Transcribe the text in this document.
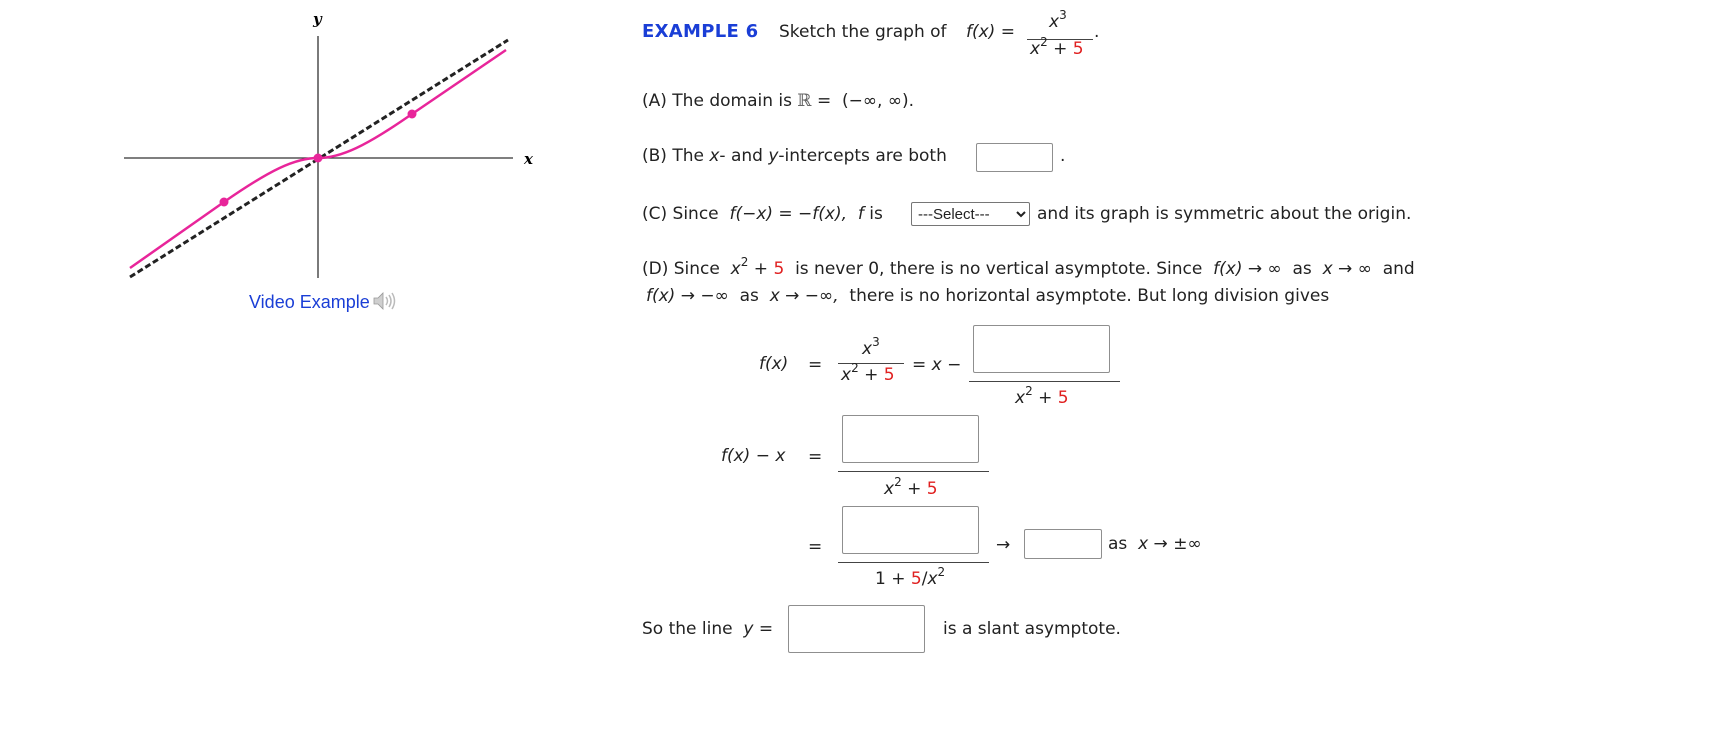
y
x
Video Example
EXAMPLE 6 Sketch the graph of $f(x) = x^3$
$x^2 + 5$
.
(A) The domain is ℝ = (−∞, ∞).
(B) The x- and y-intercepts are both	.
(C) Since f(−x) = −f(x), f is
---Select---	and its graph is symmetric about the origin.
(D) Since $x^2 + 5$ is never 0, there is no vertical asymptote. Since f(x) → ∞ as x → ∞ and
f(x) → −∞ as x → −∞, there is no horizontal asymptote. But long division gives
f(x) =
$x^3$
$x^2 + 5 = x$ −
$x^2 + 5$
f(x) − x =
$x^2 + 5$
=
$1 + 5/x^2$
→	as x → ±∞
So the line y =	is a slant asymptote.
